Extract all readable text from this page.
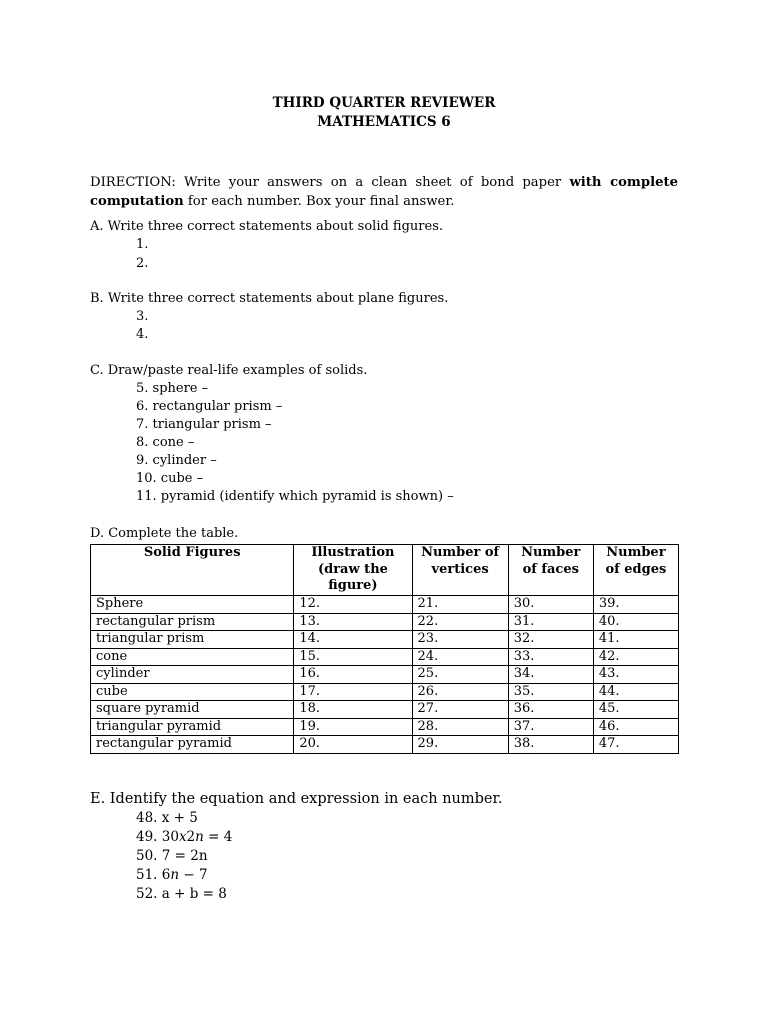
THIRD QUARTER REVIEWER
MATHEMATICS 6
DIRECTION: Write your answers on a clean sheet of bond paper with complete computation for each number. Box your final answer.
A. Write three correct statements about solid figures.
1.
2.
B. Write three correct statements about plane figures.
3.
4.
C. Draw/paste real-life examples of solids.
5. sphere –
6. rectangular prism –
7. triangular prism –
8. cone –
9. cylinder –
10. cube –
11. pyramid (identify which pyramid is shown) –
D. Complete the table.
Solid Figures	Illustration (draw the figure)	Number of vertices	Number of faces	Number of edges
Sphere	12.	21.	30.	39.
rectangular prism	13.	22.	31.	40.
triangular prism	14.	23.	32.	41.
cone	15.	24.	33.	42.
cylinder	16.	25.	34.	43.
cube	17.	26.	35.	44.
square pyramid	18.	27.	36.	45.
triangular pyramid	19.	28.	37.	46.
rectangular pyramid	20.	29.	38.	47.
E. Identify the equation and expression in each number.
48. x + 5
49. 30𝑥2𝑛 = 4
50. 7 = 2n
51. 6𝑛 − 7
52. a + b = 8
